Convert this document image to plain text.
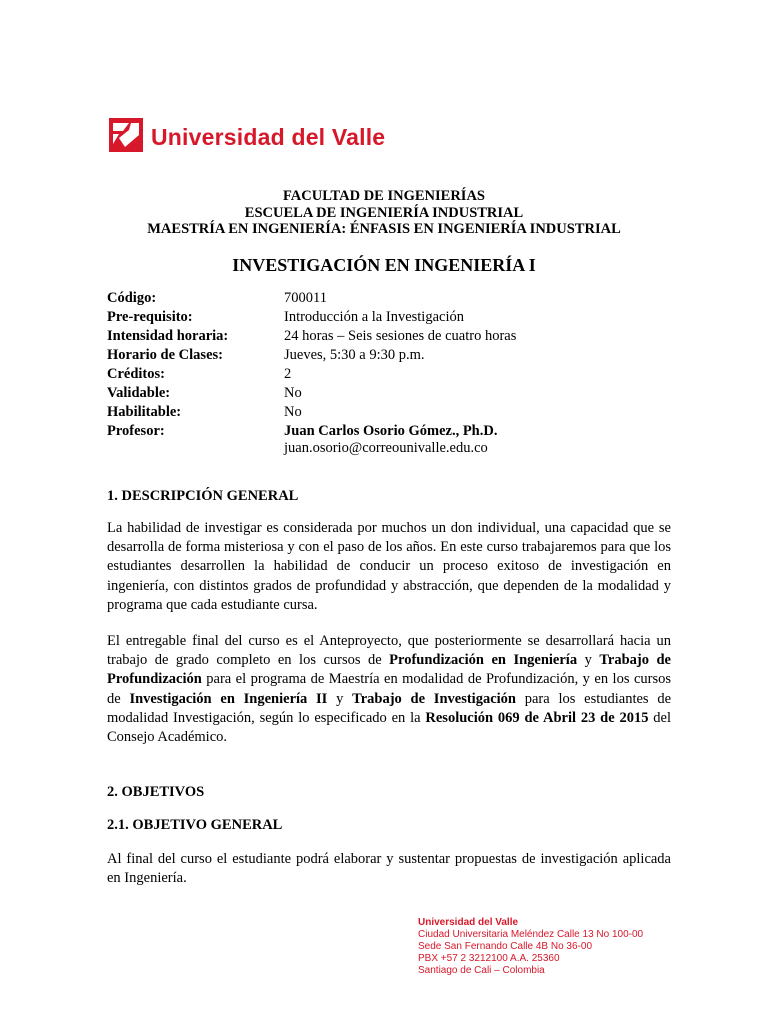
Universidad del Valle
FACULTAD DE INGENIERÍAS
ESCUELA DE INGENIERÍA INDUSTRIAL
MAESTRÍA EN INGENIERÍA: ÉNFASIS EN INGENIERÍA INDUSTRIAL
INVESTIGACIÓN EN INGENIERÍA I
Código:	700011
Pre-requisito:	Introducción a la Investigación
Intensidad horaria:	24 horas – Seis sesiones de cuatro horas
Horario de Clases:	Jueves, 5:30 a 9:30 p.m.
Créditos:	2
Validable:	No
Habilitable:	No
Profesor:	Juan Carlos Osorio Gómez., Ph.D.
juan.osorio@correounivalle.edu.co
1. DESCRIPCIÓN GENERAL
La habilidad de investigar es considerada por muchos un don individual, una capacidad que se desarrolla de forma misteriosa y con el paso de los años. En este curso trabajaremos para que los estudiantes desarrollen la habilidad de conducir un proceso exitoso de investigación en ingeniería, con distintos grados de profundidad y abstracción, que dependen de la modalidad y programa que cada estudiante cursa.
El entregable final del curso es el Anteproyecto, que posteriormente se desarrollará hacia un trabajo de grado completo en los cursos de Profundización en Ingeniería y Trabajo de Profundización para el programa de Maestría en modalidad de Profundización, y en los cursos de Investigación en Ingeniería II y Trabajo de Investigación para los estudiantes de modalidad Investigación, según lo especificado en la Resolución 069 de Abril 23 de 2015 del Consejo Académico.
2. OBJETIVOS
2.1. OBJETIVO GENERAL
Al final del curso el estudiante podrá elaborar y sustentar propuestas de investigación aplicada en Ingeniería.
Universidad del Valle
Ciudad Universitaria Meléndez Calle 13 No 100-00
Sede San Fernando Calle 4B No 36-00
PBX +57 2 3212100 A.A. 25360
Santiago de Cali – Colombia
